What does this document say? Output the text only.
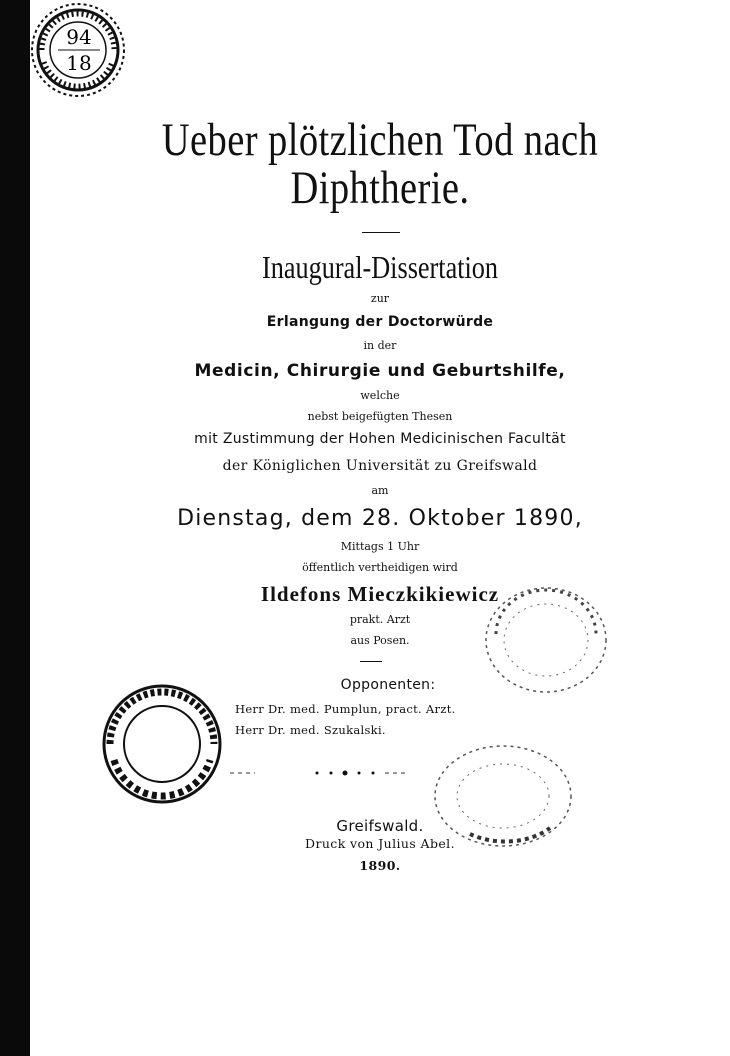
94
18
Ueber plötzlichen Tod nach
Diphtherie.
Inaugural-Dissertation
zur
Erlangung der Doctorwürde
in der
Medicin, Chirurgie und Geburtshilfe,
welche
nebst beigefügten Thesen
mit Zustimmung der Hohen Medicinischen Facultät
der Königlichen Universität zu Greifswald
am
Dienstag, dem 28. Oktober 1890,
Mittags 1 Uhr
öffentlich vertheidigen wird
Ildefons Mieczkikiewicz
prakt. Arzt
aus Posen.
Opponenten:
Herr Dr. med. Pumplun, pract. Arzt.
Herr Dr. med. Szukalski.
Greifswald.
Druck von Julius Abel.
1890.
